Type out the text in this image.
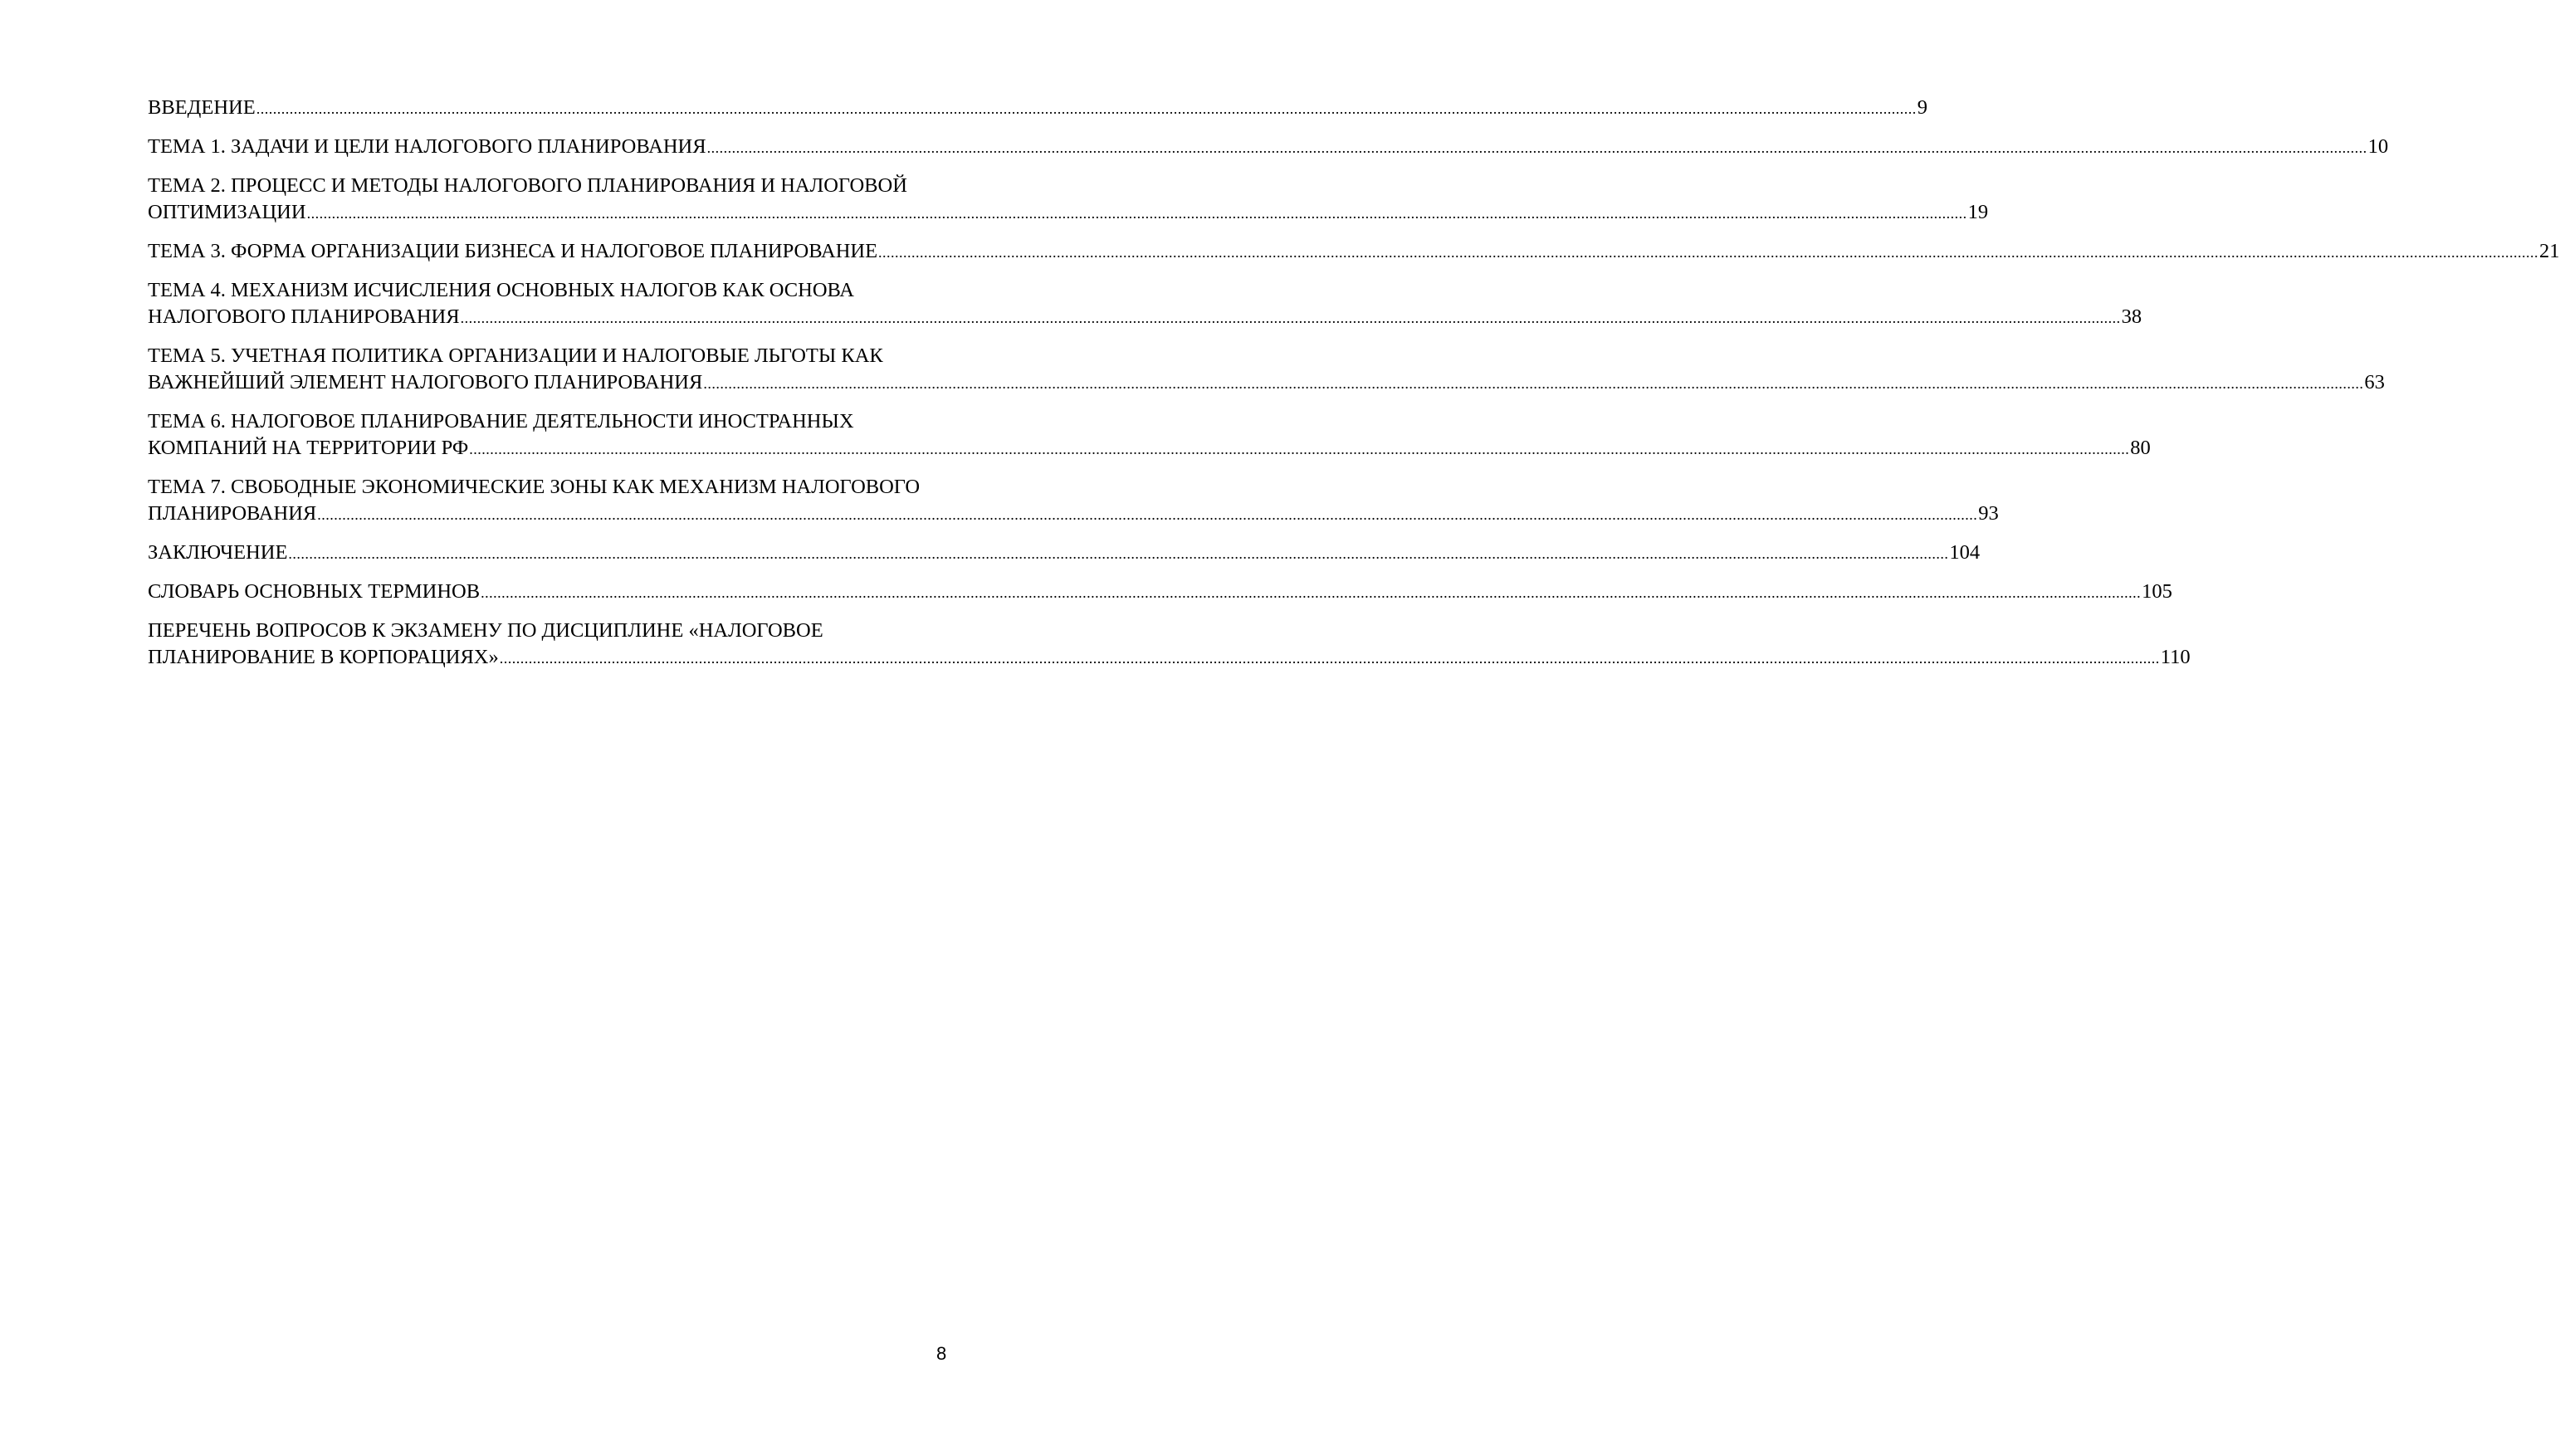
ВВЕДЕНИЕ ................................................................................................................................................................................................................................................................................................................................................................................................................ 9
ТЕМА 1. ЗАДАЧИ И ЦЕЛИ НАЛОГОВОГО ПЛАНИРОВАНИЯ ................................................................................................................................................................................................................................................................................................................................................................................................................ 10
ТЕМА 2. ПРОЦЕСС И МЕТОДЫ НАЛОГОВОГО ПЛАНИРОВАНИЯ И НАЛОГОВОЙ
ОПТИМИЗАЦИИ ................................................................................................................................................................................................................................................................................................................................................................................................................ 19
ТЕМА 3. ФОРМА ОРГАНИЗАЦИИ БИЗНЕСА И НАЛОГОВОЕ ПЛАНИРОВАНИЕ ................................................................................................................................................................................................................................................................................................................................................................................................................ 21
ТЕМА 4. МЕХАНИЗМ ИСЧИСЛЕНИЯ ОСНОВНЫХ НАЛОГОВ КАК ОСНОВА
НАЛОГОВОГО ПЛАНИРОВАНИЯ ................................................................................................................................................................................................................................................................................................................................................................................................................ 38
ТЕМА 5. УЧЕТНАЯ ПОЛИТИКА ОРГАНИЗАЦИИ И НАЛОГОВЫЕ ЛЬГОТЫ КАК
ВАЖНЕЙШИЙ ЭЛЕМЕНТ НАЛОГОВОГО ПЛАНИРОВАНИЯ ................................................................................................................................................................................................................................................................................................................................................................................................................ 63
ТЕМА 6. НАЛОГОВОЕ ПЛАНИРОВАНИЕ ДЕЯТЕЛЬНОСТИ ИНОСТРАННЫХ
КОМПАНИЙ НА ТЕРРИТОРИИ РФ ................................................................................................................................................................................................................................................................................................................................................................................................................ 80
ТЕМА 7. СВОБОДНЫЕ ЭКОНОМИЧЕСКИЕ ЗОНЫ КАК МЕХАНИЗМ НАЛОГОВОГО
ПЛАНИРОВАНИЯ ................................................................................................................................................................................................................................................................................................................................................................................................................ 93
ЗАКЛЮЧЕНИЕ ................................................................................................................................................................................................................................................................................................................................................................................................................ 104
СЛОВАРЬ ОСНОВНЫХ ТЕРМИНОВ ................................................................................................................................................................................................................................................................................................................................................................................................................ 105
ПЕРЕЧЕНЬ ВОПРОСОВ К ЭКЗАМЕНУ ПО ДИСЦИПЛИНЕ «НАЛОГОВОЕ
ПЛАНИРОВАНИЕ В КОРПОРАЦИЯХ» ................................................................................................................................................................................................................................................................................................................................................................................................................ 110
8
